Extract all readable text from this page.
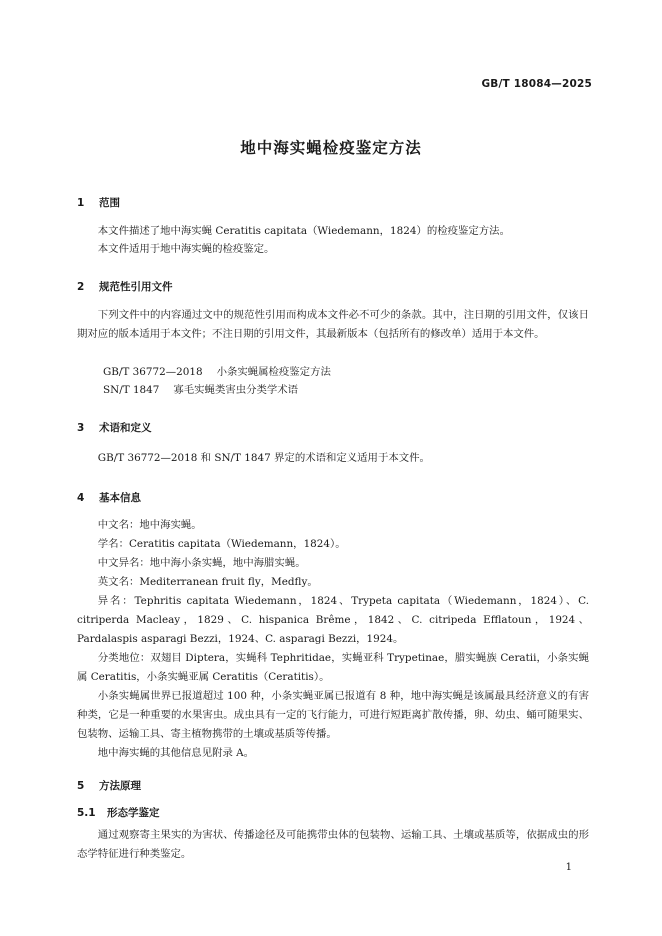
GB/T 18084—2025
地中海实蝇检疫鉴定方法
1 范围
本文件描述了地中海实蝇 Ceratitis capitata（Wiedemann，1824）的检疫鉴定方法。
本文件适用于地中海实蝇的检疫鉴定。
2 规范性引用文件
下列文件中的内容通过文中的规范性引用而构成本文件必不可少的条款。其中，注日期的引用文件，仅该日期对应的版本适用于本文件；不注日期的引用文件，其最新版本（包括所有的修改单）适用于本文件。
GB/T 36772—2018 小条实蝇属检疫鉴定方法
SN/T 1847 寡毛实蝇类害虫分类学术语
3 术语和定义
GB/T 36772—2018 和 SN/T 1847 界定的术语和定义适用于本文件。
4 基本信息
中文名：地中海实蝇。
学名：Ceratitis capitata（Wiedemann，1824）。
中文异名：地中海小条实蝇，地中海腊实蝇。
英文名：Mediterranean fruit fly，Medfly。
异名：Tephritis capitata Wiedemann，1824、Trypeta capitata（Wiedemann，1824）、C. citriperda Macleay，1829、C. hispanica Brême，1842、C. citripeda Efflatoun，1924、Pardalaspis asparagi Bezzi，1924、C. asparagi Bezzi，1924。
分类地位：双翅目 Diptera，实蝇科 Tephritidae，实蝇亚科 Trypetinae，腊实蝇族 Ceratii，小条实蝇属 Ceratitis，小条实蝇亚属 Ceratitis（Ceratitis）。
小条实蝇属世界已报道超过 100 种，小条实蝇亚属已报道有 8 种，地中海实蝇是该属最具经济意义的有害种类，它是一种重要的水果害虫。成虫具有一定的飞行能力，可进行短距离扩散传播，卵、幼虫、蛹可随果实、包装物、运输工具、寄主植物携带的土壤或基质等传播。
地中海实蝇的其他信息见附录 A。
5 方法原理
5.1 形态学鉴定
通过观察寄主果实的为害状、传播途径及可能携带虫体的包装物、运输工具、土壤或基质等，依据成虫的形态学特征进行种类鉴定。
1
